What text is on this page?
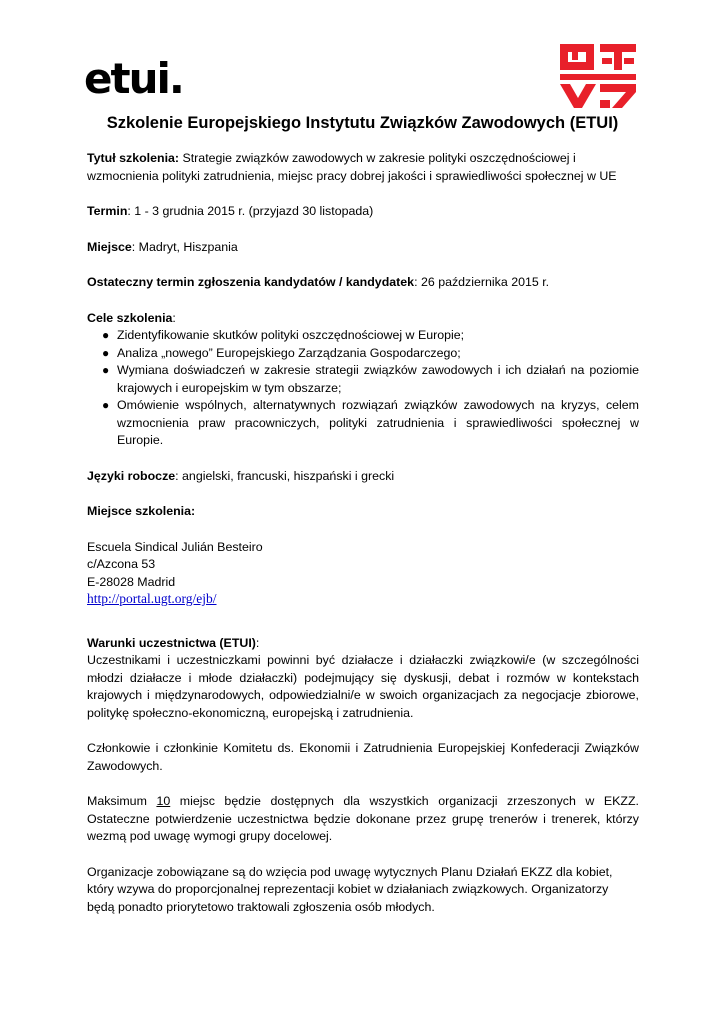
etui.
Szkolenie Europejskiego Instytutu Związków Zawodowych (ETUI)

Tytuł szkolenia: Strategie związków zawodowych w zakresie polityki oszczędnościowej i wzmocnienia polityki zatrudnienia, miejsc pracy dobrej jakości i sprawiedliwości społecznej w UE

Termin: 1 - 3 grudnia 2015 r. (przyjazd 30 listopada)

Miejsce: Madryt, Hiszpania

Ostateczny termin zgłoszenia kandydatów / kandydatek: 26 października 2015 r.

Cele szkolenia:

● Zidentyfikowanie skutków polityki oszczędnościowej w Europie;
● Analiza „nowego” Europejskiego Zarządzania Gospodarczego;
● Wymiana doświadczeń w zakresie strategii związków zawodowych i ich działań na poziomie krajowych i europejskim w tym obszarze;
● Omówienie wspólnych, alternatywnych rozwiązań związków zawodowych na kryzys, celem wzmocnienia praw pracowniczych, polityki zatrudnienia i sprawiedliwości społecznej w Europie.

Języki robocze: angielski, francuski, hiszpański i grecki

Miejsce szkolenia:

Escuela Sindical Julián Besteiro

c/Azcona 53

E-28028 Madrid

http://portal.ugt.org/ejb/

Warunki uczestnictwa (ETUI):

Uczestnikami i uczestniczkami powinni być działacze i działaczki związkowi/e (w szczególności młodzi działacze i młode działaczki) podejmujący się dyskusji, debat i rozmów w kontekstach krajowych i międzynarodowych, odpowiedzialni/e w swoich organizacjach za negocjacje zbiorowe, politykę społeczno-ekonomiczną, europejską i zatrudnienia.

Członkowie i członkinie Komitetu ds. Ekonomii i Zatrudnienia Europejskiej Konfederacji Związków Zawodowych.

Maksimum 10 miejsc będzie dostępnych dla wszystkich organizacji zrzeszonych w EKZZ. Ostateczne potwierdzenie uczestnictwa będzie dokonane przez grupę trenerów i trenerek, którzy wezmą pod uwagę wymogi grupy docelowej.

Organizacje zobowiązane są do wzięcia pod uwagę wytycznych Planu Działań EKZZ dla kobiet, który wzywa do proporcjonalnej reprezentacji kobiet w działaniach związkowych. Organizatorzy będą ponadto priorytetowo traktowali zgłoszenia osób młodych.
